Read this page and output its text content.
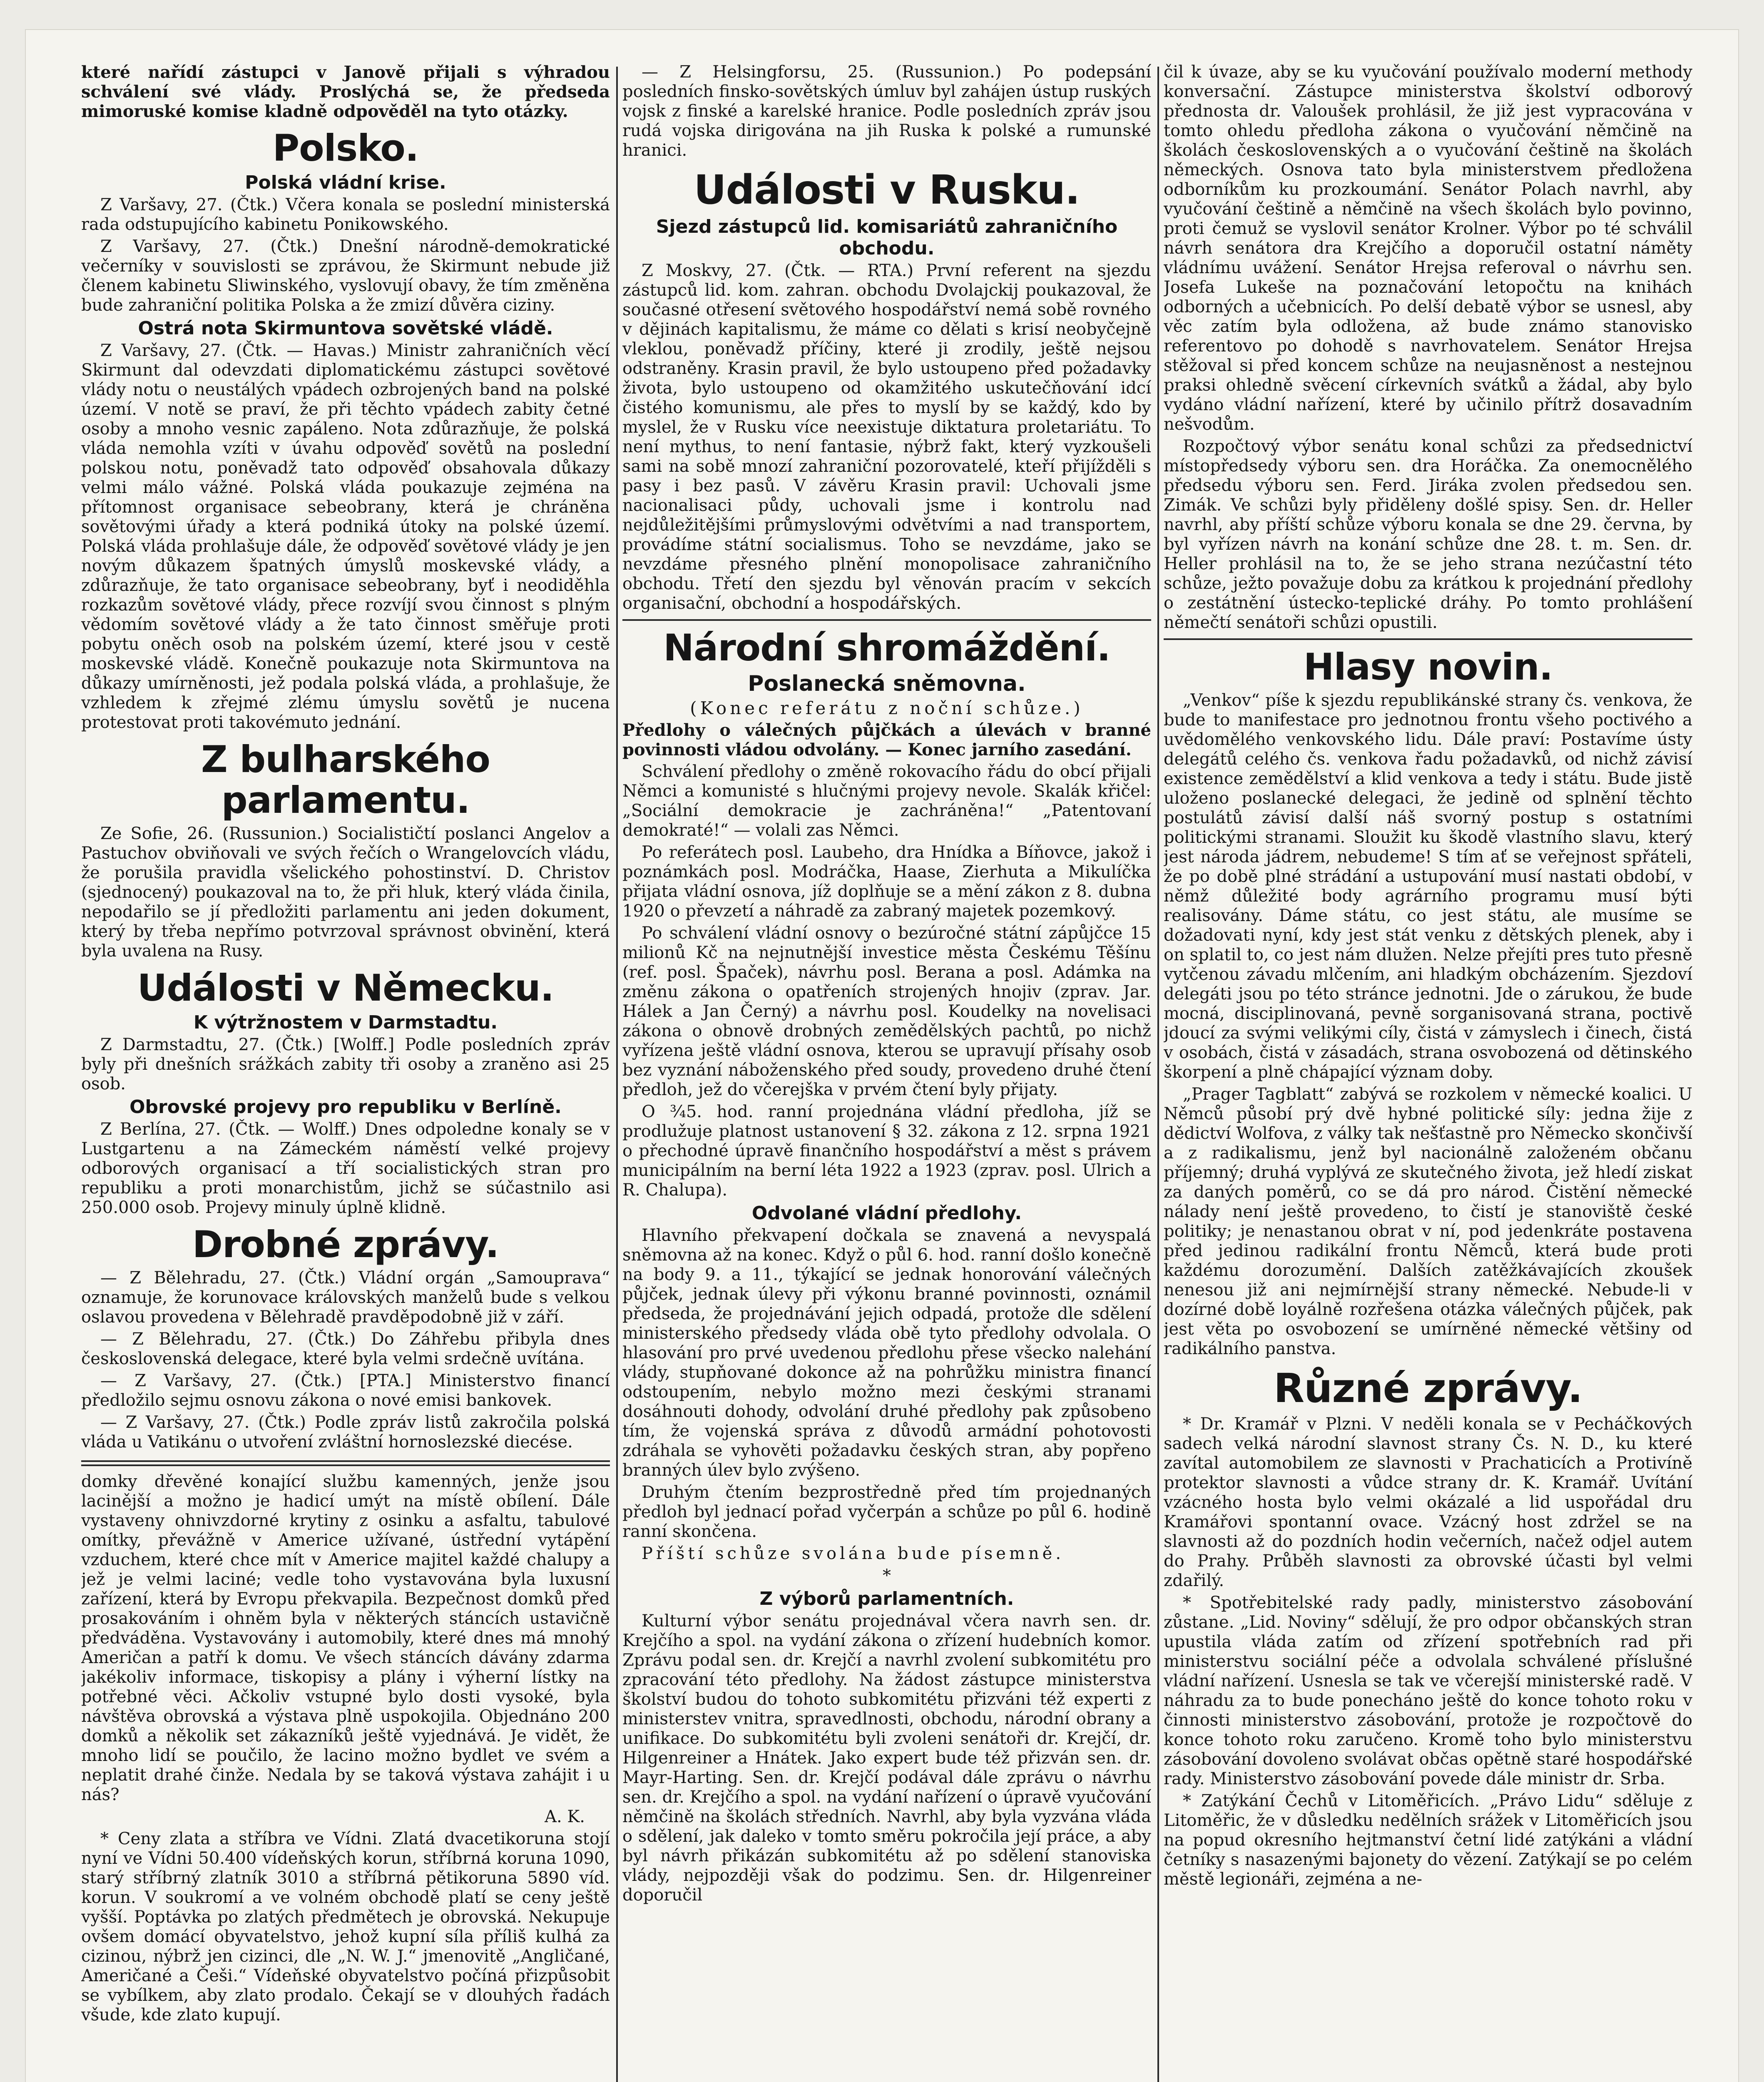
které nařídí zástupci v Janově přijali s výhradou schválení své vlády. Proslýchá se, že předseda mimoruské komise kladně odpověděl na tyto otázky.

Polsko.
Polská vládní krise.

Z Varšavy, 27. (Čtk.) Včera konala se poslední ministerská rada odstupujícího kabinetu Ponikowského.

Z Varšavy, 27. (Čtk.) Dnešní národně-demokratické večerníky v souvislosti se zprávou, že Skirmunt nebude již členem kabinetu Sliwinského, vyslovují obavy, že tím změněna bude zahraniční politika Polska a že zmizí důvěra ciziny.

Ostrá nota Skirmuntova sovětské vládě.

Z Varšavy, 27. (Čtk. — Havas.) Ministr zahraničních věcí Skirmunt dal odevzdati diplomatickému zástupci sovětové vlády notu o neustálých vpádech ozbrojených band na polské území. V notě se praví, že při těchto vpádech zabity četné osoby a mnoho vesnic zapáleno. Nota zdůrazňuje, že polská vláda nemohla vzíti v úvahu odpověď sovětů na poslední polskou notu, poněvadž tato odpověď obsahovala důkazy velmi málo vážné. Polská vláda poukazuje zejména na přítomnost organisace sebeobrany, která je chráněna sovětovými úřady a která podniká útoky na polské území. Polská vláda prohlašuje dále, že odpověď sovětové vlády je jen novým důkazem špatných úmyslů moskevské vlády, a zdůrazňuje, že tato organisace sebeobrany, byť i neodiděhla rozkazům sovětové vlády, přece rozvíjí svou činnost s plným vědomím sovětové vlády a že tato činnost směřuje proti pobytu oněch osob na polském území, které jsou v cestě moskevské vládě. Konečně poukazuje nota Skirmuntova na důkazy umírněnosti, jež podala polská vláda, a prohlašuje, že vzhledem k zřejmé zlému úmyslu sovětů je nucena protestovat proti takovémuto jednání.

Z bulharského parlamentu.

Ze Sofie, 26. (Russunion.) Socialističtí poslanci Angelov a Pastuchov obviňovali ve svých řečích o Wrangelovcích vládu, že porušila pravidla všelického pohostinství. D. Christov (sjednocený) poukazoval na to, že při hluk, který vláda činila, nepodařilo se jí předložiti parlamentu ani jeden dokument, který by třeba nepřímo potvrzoval správnost obvinění, která byla uvalena na Rusy.

Události v Německu.
K výtržnostem v Darmstadtu.

Z Darmstadtu, 27. (Čtk.) [Wolff.] Podle posledních zpráv byly při dnešních srážkách zabity tři osoby a zraněno asi 25 osob.

Obrovské projevy pro republiku v Berlíně.

Z Berlína, 27. (Čtk. — Wolff.) Dnes odpoledne konaly se v Lustgartenu a na Zámeckém náměstí velké projevy odborových organisací a tří socialistických stran pro republiku a proti monarchistům, jichž se súčastnilo asi 250.000 osob. Projevy minuly úplně klidně.

Drobné zprávy.

— Z Bělehradu, 27. (Čtk.) Vládní orgán „Samouprava“ oznamuje, že korunovace královských manželů bude s velkou oslavou provedena v Bělehradě pravděpodobně již v září.

— Z Bělehradu, 27. (Čtk.) Do Záhřebu přibyla dnes československá delegace, které byla velmi srdečně uvítána.

— Z Varšavy, 27. (Čtk.) [PTA.] Ministerstvo financí předložilo sejmu osnovu zákona o nové emisi bankovek.

— Z Varšavy, 27. (Čtk.) Podle zpráv listů zakročila polská vláda u Vatikánu o utvoření zvláštní hornoslezské diecése.

domky dřevěné konající službu kamenných, jenže jsou lacinější a možno je hadicí umýt na místě obílení. Dále vystaveny ohnivzdorné krytiny z osinku a asfaltu, tabulové omítky, převážně v Americe užívané, ústřední vytápění vzduchem, které chce mít v Americe majitel každé chalupy a jež je velmi laciné; vedle toho vystavována byla luxusní zařízení, která by Evropu překvapila. Bezpečnost domků před prosakováním i ohněm byla v některých stáncích ustavičně předváděna. Vystavovány i automobily, které dnes má mnohý Američan a patří k domu. Ve všech stáncích dávány zdarma jakékoliv informace, tiskopisy a plány i výherní lístky na potřebné věci. Ačkoliv vstupné bylo dosti vysoké, byla návštěva obrovská a výstava plně uspokojila. Objednáno 200 domků a několik set zákazníků ještě vyjednává. Je vidět, že mnoho lidí se poučilo, že lacino možno bydlet ve svém a neplatit drahé činže. Nedala by se taková výstava zahájit i u nás?

A. K.

* Ceny zlata a stříbra ve Vídni. Zlatá dvacetikoruna stojí nyní ve Vídni 50.400 vídeňských korun, stříbrná koruna 1090, starý stříbrný zlatník 3010 a stříbrná pětikoruna 5890 víd. korun. V soukromí a ve volném obchodě platí se ceny ještě vyšší. Poptávka po zlatých předmětech je obrovská. Nekupuje ovšem domácí obyvatelstvo, jehož kupní síla příliš kulhá za cizinou, nýbrž jen cizinci, dle „N. W. J.“ jmenovitě „Angličané, Američané a Češi.“ Vídeňské obyvatelstvo počíná přizpůsobit se vybílkem, aby zlato prodalo. Čekají se v dlouhých řadách všude, kde zlato kupují.

— Z Helsingforsu, 25. (Russunion.) Po podepsání posledních finsko-sovětských úmluv byl zahájen ústup ruských vojsk z finské a karelské hranice. Podle posledních zpráv jsou rudá vojska dirigována na jih Ruska k polské a rumunské hranici.

Události v Rusku.
Sjezd zástupců lid. komisariátů zahraničního obchodu.

Z Moskvy, 27. (Čtk. — RTA.) První referent na sjezdu zástupců lid. kom. zahran. obchodu Dvolajckij poukazoval, že současné otřesení světového hospodářství nemá sobě rovného v dějinách kapitalismu, že máme co dělati s krisí neobyčejně vleklou, poněvadž příčiny, které ji zrodily, ještě nejsou odstraněny. Krasin pravil, že bylo ustoupeno před požadavky života, bylo ustoupeno od okamžitého uskutečňování idcí čistého komunismu, ale přes to myslí by se každý, kdo by myslel, že v Rusku více neexistuje diktatura proletariátu. To není mythus, to není fantasie, nýbrž fakt, který vyzkoušeli sami na sobě mnozí zahraniční pozorovatelé, kteří přijížděli s pasy i bez pasů. V závěru Krasin pravil: Uchovali jsme nacionalisaci půdy, uchovali jsme i kontrolu nad nejdůležitějšími průmyslovými odvětvími a nad transportem, provádíme státní socialismus. Toho se nevzdáme, jako se nevzdáme přesného plnění monopolisace zahraničního obchodu. Třetí den sjezdu byl věnován pracím v sekcích organisační, obchodní a hospodářských.

Národní shromáždění.
Poslanecká sněmovna.
(Konec referátu z noční schůze.)

Předlohy o válečných půjčkách a úlevách v branné povinnosti vládou odvolány. — Konec jarního zasedání.

Schválení předlohy o změně rokovacího řádu do obcí přijali Němci a komunisté s hlučnými projevy nevole. Skalák křičel: „Sociální demokracie je zachráněna!“ „Patentovaní demokraté!“ — volali zas Němci.

Po referátech posl. Laubeho, dra Hnídka a Bíňovce, jakož i poznámkách posl. Modráčka, Haase, Zierhuta a Mikulíčka přijata vládní osnova, jíž doplňuje se a mění zákon z 8. dubna 1920 o převzetí a náhradě za zabraný majetek pozemkový.

Po schválení vládní osnovy o bezúročné státní zápůjčce 15 milionů Kč na nejnutnější investice města Českému Těšínu (ref. posl. Špaček), návrhu posl. Berana a posl. Adámka na změnu zákona o opatřeních strojených hnojiv (zprav. Jar. Hálek a Jan Černý) a návrhu posl. Koudelky na novelisaci zákona o obnově drobných zemědělských pachtů, po nichž vyřízena ještě vládní osnova, kterou se upravují přísahy osob bez vyznání náboženského před soudy, provedeno druhé čtení předloh, jež do včerejška v prvém čtení byly přijaty.

O ¾5. hod. ranní projednána vládní předloha, jíž se prodlužuje platnost ustanovení § 32. zákona z 12. srpna 1921 o přechodné úpravě finančního hospodářství a měst s právem municipálním na berní léta 1922 a 1923 (zprav. posl. Ulrich a R. Chalupa).

Odvolané vládní předlohy.

Hlavního překvapení dočkala se znavená a nevyspalá sněmovna až na konec. Když o půl 6. hod. ranní došlo konečně na body 9. a 11., týkající se jednak honorování válečných půjček, jednak úlevy při výkonu branné povinnosti, oznámil předseda, že projednávání jejich odpadá, protože dle sdělení ministerského předsedy vláda obě tyto předlohy odvolala. O hlasování pro prvé uvedenou předlohu přese všecko nalehání vlády, stupňované dokonce až na pohrůžku ministra financí odstoupením, nebylo možno mezi českými stranami dosáhnouti dohody, odvolání druhé předlohy pak způsobeno tím, že vojenská správa z důvodů armádní pohotovosti zdráhala se vyhověti požadavku českých stran, aby popřeno branných úlev bylo zvýšeno.

Druhým čtením bezprostředně před tím projednaných předloh byl jednací pořad vyčerpán a schůze po půl 6. hodině ranní skončena.

Příští schůze svolána bude písemně.

*
Z výborů parlamentních.

Kulturní výbor senátu projednával včera navrh sen. dr. Krejčího a spol. na vydání zákona o zřízení hudebních komor. Zprávu podal sen. dr. Krejčí a navrhl zvolení subkomitétu pro zpracování této předlohy. Na žádost zástupce ministerstva školství budou do tohoto subkomitétu přizváni též experti z ministerstev vnitra, spravedlnosti, obchodu, národní obrany a unifikace. Do subkomitétu byli zvoleni senátoři dr. Krejčí, dr. Hilgenreiner a Hnátek. Jako expert bude též přizván sen. dr. Mayr-Harting. Sen. dr. Krejčí podával dále zprávu o návrhu sen. dr. Krejčího a spol. na vydání nařízení o úpravě vyučování němčině na školách středních. Navrhl, aby byla vyzvána vláda o sdělení, jak daleko v tomto směru pokročila její práce, a aby byl návrh přikázán subkomitétu až po sdělení stanoviska vlády, nejpozději však do podzimu. Sen. dr. Hilgenreiner doporučil

čil k úvaze, aby se ku vyučování používalo moderní methody konversační. Zástupce ministerstva školství odborový přednosta dr. Valoušek prohlásil, že již jest vypracována v tomto ohledu předloha zákona o vyučování němčině na školách československých a o vyučování češtině na školách německých. Osnova tato byla ministerstvem předložena odborníkům ku prozkoumání. Senátor Polach navrhl, aby vyučování češtině a němčině na všech školách bylo povinno, proti čemuž se vyslovil senátor Krolner. Výbor po té schválil návrh senátora dra Krejčího a doporučil ostatní náměty vládnímu uvážení. Senátor Hrejsa referoval o návrhu sen. Josefa Lukeše na poznačování letopočtu na knihách odborných a učebnicích. Po delší debatě výbor se usnesl, aby věc zatím byla odložena, až bude známo stanovisko referentovo po dohodě s navrhovatelem. Senátor Hrejsa stěžoval si před koncem schůze na neujasněnost a nestejnou praksi ohledně svěcení církevních svátků a žádal, aby bylo vydáno vládní nařízení, které by učinilo přítrž dosavadním nešvodům.

Rozpočtový výbor senátu konal schůzi za předsednictví místopředsedy výboru sen. dra Horáčka. Za onemocnělého předsedu výboru sen. Ferd. Jiráka zvolen předsedou sen. Zimák. Ve schůzi byly přiděleny došlé spisy. Sen. dr. Heller navrhl, aby příští schůze výboru konala se dne 29. června, by byl vyřízen návrh na konání schůze dne 28. t. m. Sen. dr. Heller prohlásil na to, že se jeho strana nezúčastní této schůze, ježto považuje dobu za krátkou k projednání předlohy o zestátnění ústecko-teplické dráhy. Po tomto prohlášení němečtí senátoři schůzi opustili.

Hlasy novin.

„Venkov“ píše k sjezdu republikánské strany čs. venkova, že bude to manifestace pro jednotnou frontu všeho poctivého a uvědomělého venkovského lidu. Dále praví: Postavíme ústy delegátů celého čs. venkova řadu požadavků, od nichž závisí existence zemědělství a klid venkova a tedy i státu. Bude jistě uloženo poslanecké delegaci, že jedině od splnění těchto postulátů závisí další náš svorný postup s ostatními politickými stranami. Sloužit ku škodě vlastního slavu, který jest národa jádrem, nebudeme! S tím ať se veřejnost spřáteli, že po době plné strádání a ustupování musí nastati období, v němž důležité body agrárního programu musí býti realisovány. Dáme státu, co jest státu, ale musíme se dožadovati nyní, kdy jest stát venku z dětských plenek, aby i on splatil to, co jest nám dlužen. Nelze přejíti pres tuto přesně vytčenou závadu mlčením, ani hladkým obcházením. Sjezdoví delegáti jsou po této stránce jednotni. Jde o zárukou, že bude mocná, disciplinovaná, pevně sorganisovaná strana, poctivě jdoucí za svými velikými cíly, čistá v zámyslech i činech, čistá v osobách, čistá v zásadách, strana osvobozená od dětinského škorpení a plně chápající význam doby.

„Prager Tagblatt“ zabývá se rozkolem v německé koalici. U Němců působí prý dvě hybné politické síly: jedna žije z dědictví Wolfova, z války tak nešťastně pro Německo skončivší a z radikalismu, jenž byl nacionálně založeném občanu příjemný; druhá vyplývá ze skutečného života, jež hledí ziskat za daných poměrů, co se dá pro národ. Čistění německé nálady není ještě provedeno, to čistí je stanoviště české politiky; je nenastanou obrat v ní, pod jedenkráte postavena před jedinou radikální frontu Němců, která bude proti každému dorozumění. Dalších zatěžkávajících zkoušek nenesou již ani nejmírnější strany německé. Nebude-li v dozírné době loyálně rozřešena otázka válečných půjček, pak jest věta po osvobození se umírněné německé většiny od radikálního panstva.

Různé zprávy.

* Dr. Kramář v Plzni. V neděli konala se v Pecháčkových sadech velká národní slavnost strany Čs. N. D., ku které zavítal automobilem ze slavnosti v Prachaticích a Protivíně protektor slavnosti a vůdce strany dr. K. Kramář. Uvítání vzácného hosta bylo velmi okázalé a lid uspořádal dru Kramářovi spontanní ovace. Vzácný host zdržel se na slavnosti až do pozdních hodin večerních, načež odjel autem do Prahy. Průběh slavnosti za obrovské účasti byl velmi zdařilý.

* Spotřebitelské rady padly, ministerstvo zásobování zůstane. „Lid. Noviny“ sdělují, že pro odpor občanských stran upustila vláda zatím od zřízení spotřebních rad při ministerstvu sociální péče a odvolala schválené příslušné vládní nařízení. Usnesla se tak ve včerejší ministerské radě. V náhradu za to bude ponecháno ještě do konce tohoto roku v činnosti ministerstvo zásobování, protože je rozpočtově do konce tohoto roku zaručeno. Kromě toho bylo ministerstvu zásobování dovoleno svolávat občas opětně staré hospodářské rady. Ministerstvo zásobování povede dále ministr dr. Srba.

* Zatýkání Čechů v Litoměřicích. „Právo Lidu“ sděluje z Litoměřic, že v důsledku nedělních srážek v Litoměřicích jsou na popud okresního hejtmanství četní lidé zatýkáni a vládní četníky s nasazenými bajonety do vězení. Zatýkají se po celém městě legionáři, zejména a ne-
